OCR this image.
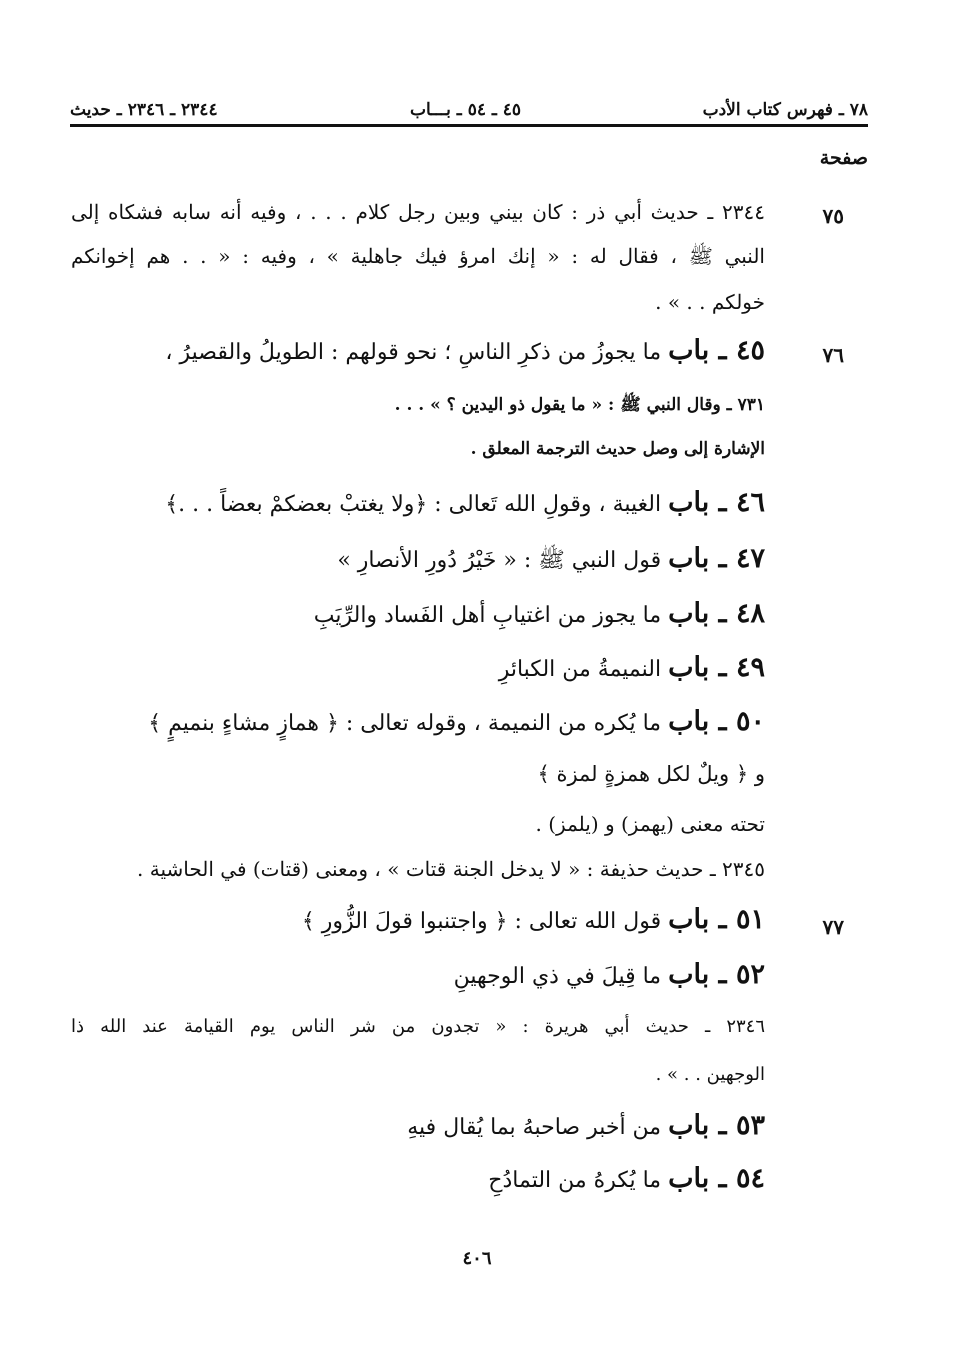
٧٨ ـ فهرس كتاب الأدب
٤٥ ـ ٥٤ ـ بـــاب
٢٣٤٤ ـ ٢٣٤٦ ـ حديث
صفحة
٧٥
٧٦
٧٧
٢٣٤٤ ـ حديث أبي ذر : كان بيني وبين رجل كلام . . . ، وفيه أنه سابه فشكاه إلى
النبي ﷺ ، فقال له : « إنك امرؤ فيك جاهلية » ، وفيه : « . . هم إخوانكم
خولكم . . » .
٤٥ ـ باب ما يجوزُ من ذكرِ الناسِ ؛ نحو قولهم : الطويلُ والقصيرُ ،
٧٣١ ـ وقال النبي ﷺ : « ما يقول ذو اليدين ؟ » . . .
الإشارة إلى وصل حديث الترجمة المعلق .
٤٦ ـ باب الغيبة ، وقولِ الله تَعالى : ﴿ولا يغتبْ بعضكمْ بعضاً . . .﴾
٤٧ ـ باب قول النبي ﷺ : « خَيْرُ دُورِ الأنصارِ »
٤٨ ـ باب ما يجوز من اغتيابِ أهل الفَساد والرِّيَبِ
٤٩ ـ باب النميمةُ من الكبائرِ
٥٠ ـ باب ما يُكره من النميمة ، وقوله تعالى : ﴿ همازٍ مشاءٍ بنميمٍ ﴾
و ﴿ ويلٌ لكل همزةٍ لمزة ﴾
تحته معنى (يهمز) و (يلمز) .
٢٣٤٥ ـ حديث حذيفة : « لا يدخل الجنة قتات » ، ومعنى (قتات) في الحاشية .
٥١ ـ باب قول الله تعالى : ﴿ واجتنبوا قولَ الزُّورِ ﴾
٥٢ ـ باب ما قِيلَ في ذي الوجهينِ
٢٣٤٦ ـ حديث أبي هريرة : « تجدون من شر الناس يوم القيامة عند الله ذا
الوجهين . . » .
٥٣ ـ باب من أخبر صاحبهُ بما يُقال فيهِ
٥٤ ـ باب ما يُكرهُ من التمادُحِ
٤٠٦
